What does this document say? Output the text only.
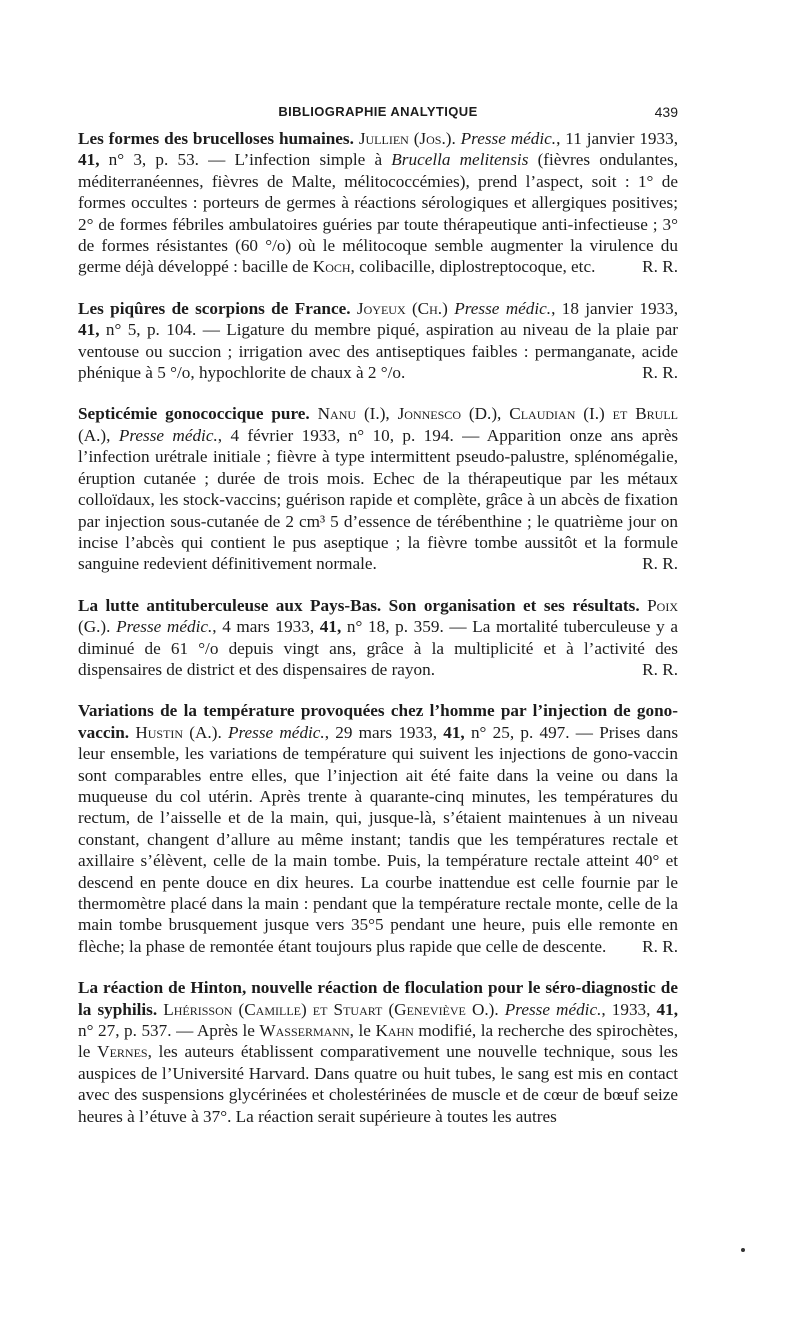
BIBLIOGRAPHIE ANALYTIQUE	439

Les formes des brucelloses humaines. Jullien (Jos.). Presse médic., 11 janvier 1933, 41, n° 3, p. 53. — L’infection simple à Brucella melitensis (fièvres ondulantes, méditerranéennes, fièvres de Malte, mélitococcémies), prend l’aspect, soit : 1° de formes occultes : porteurs de germes à réactions sérologiques et allergiques positives; 2° de formes fébriles ambulatoires guéries par toute thérapeutique anti-infectieuse ; 3° de formes résistantes (60 °/o) où le mélitocoque semble augmenter la virulence du germe déjà développé : bacille de Koch, colibacille, diplostreptocoque, etc.	R. R.

Les piqûres de scorpions de France. Joyeux (Ch.) Presse médic., 18 janvier 1933, 41, n° 5, p. 104. — Ligature du membre piqué, aspiration au niveau de la plaie par ventouse ou succion ; irrigation avec des antiseptiques faibles : permanganate, acide phénique à 5 °/o, hypochlorite de chaux à 2 °/o.	R. R.

Septicémie gonococcique pure. Nanu (I.), Jonnesco (D.), Claudian (I.) et Brull (A.), Presse médic., 4 février 1933, n° 10, p. 194. — Apparition onze ans après l’infection urétrale initiale ; fièvre à type intermittent pseudo-palustre, splénomégalie, éruption cutanée ; durée de trois mois. Echec de la thérapeutique par les métaux colloïdaux, les stock-vaccins; guérison rapide et complète, grâce à un abcès de fixation par injection sous-cutanée de 2 cm³ 5 d’essence de térébenthine ; le quatrième jour on incise l’abcès qui contient le pus aseptique ; la fièvre tombe aussitôt et la formule sanguine redevient définitivement normale.	R. R.

La lutte antituberculeuse aux Pays-Bas. Son organisation et ses résultats. Poix (G.). Presse médic., 4 mars 1933, 41, n° 18, p. 359. — La mortalité tuberculeuse y a diminué de 61 °/o depuis vingt ans, grâce à la multiplicité et à l’activité des dispensaires de district et des dispensaires de rayon.	R. R.

Variations de la température provoquées chez l’homme par l’injection de gono-vaccin. Hustin (A.). Presse médic., 29 mars 1933, 41, n° 25, p. 497. — Prises dans leur ensemble, les variations de température qui suivent les injections de gono-vaccin sont comparables entre elles, que l’injection ait été faite dans la veine ou dans la muqueuse du col utérin. Après trente à quarante-cinq minutes, les températures du rectum, de l’aisselle et de la main, qui, jusque-là, s’étaient maintenues à un niveau constant, changent d’allure au même instant; tandis que les températures rectale et axillaire s’élèvent, celle de la main tombe. Puis, la température rectale atteint 40° et descend en pente douce en dix heures. La courbe inattendue est celle fournie par le thermomètre placé dans la main : pendant que la température rectale monte, celle de la main tombe brusquement jusque vers 35°5 pendant une heure, puis elle remonte en flèche; la phase de remontée étant toujours plus rapide que celle de descente. R. R.

La réaction de Hinton, nouvelle réaction de floculation pour le séro-diagnostic de la syphilis. Lhérisson (Camille) et Stuart (Geneviève O.). Presse médic., 1933, 41, n° 27, p. 537. — Après le Wassermann, le Kahn modifié, la recherche des spirochètes, le Vernes, les auteurs établissent comparativement une nouvelle technique, sous les auspices de l’Université Harvard. Dans quatre ou huit tubes, le sang est mis en contact avec des suspensions glycérinées et cholestérinées de muscle et de cœur de bœuf seize heures à l’étuve à 37°. La réaction serait supérieure à toutes les autres
